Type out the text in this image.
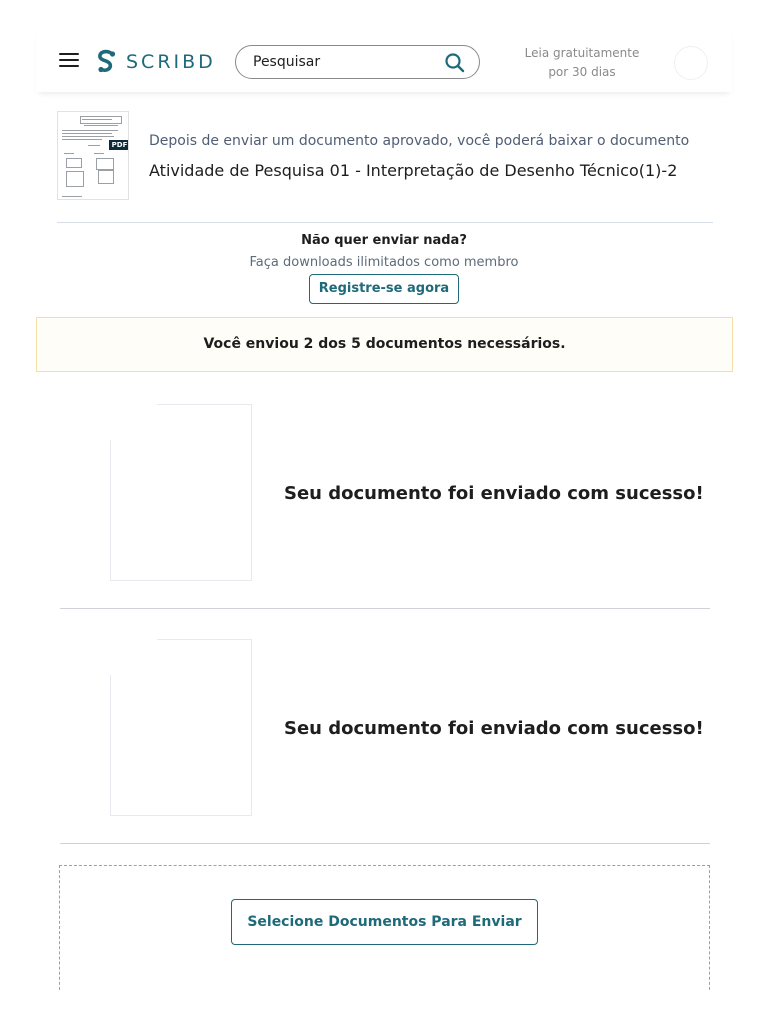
SCRIBD
Pesquisar	Leia gratuitamente
por 30 dias
PDF Depois de enviar um documento aprovado, você poderá baixar o documento
Atividade de Pesquisa 01 - Interpretação de Desenho Técnico(1)-2
Não quer enviar nada?
Faça downloads ilimitados como membro
Registre-se agora
Você enviou 2 dos 5 documentos necessários.
Seu documento foi enviado com sucesso!
Seu documento foi enviado com sucesso!
Selecione Documentos Para Enviar
